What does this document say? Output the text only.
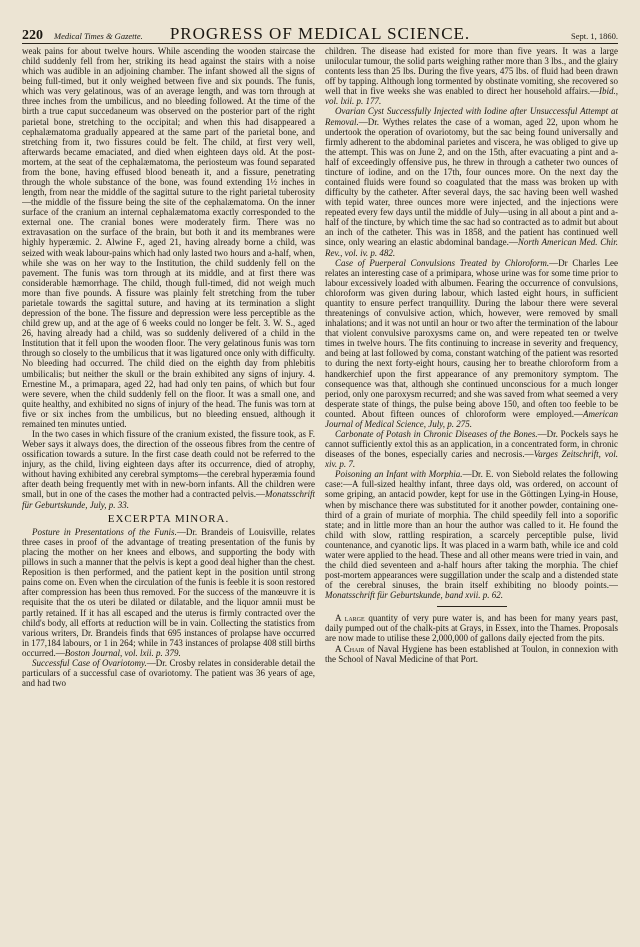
220 Medical Times & Gazette.	PROGRESS OF MEDICAL SCIENCE.	Sept. 1, 1860.

weak pains for about twelve hours. While ascending the wooden staircase the child suddenly fell from her, striking its head against the stairs with a noise which was audible in an adjoining chamber. The infant showed all the signs of being full-timed, but it only weighed between five and six pounds. The funis, which was very gelatinous, was of an average length, and was torn through at three inches from the umbilicus, and no bleeding followed. At the time of the birth a true caput succedaneum was observed on the posterior part of the right parietal bone, stretching to the occipital; and when this had disappeared a cephalæmatoma gradually appeared at the same part of the parietal bone, and stretching from it, two fissures could be felt. The child, at first very well, afterwards became emaciated, and died when eighteen days old. At the post-mortem, at the seat of the cephalæmatoma, the periosteum was found separated from the bone, having effused blood beneath it, and a fissure, penetrating through the whole substance of the bone, was found extending 1½ inches in length, from near the middle of the sagittal suture to the right parietal tuberosity—the middle of the fissure being the site of the cephalæmatoma. On the inner surface of the cranium an internal cephalæmatoma exactly corresponded to the external one. The cranial bones were moderately firm. There was no extravasation on the surface of the brain, but both it and its membranes were highly hyperæmic. 2. Alwine F., aged 21, having already borne a child, was seized with weak labour-pains which had only lasted two hours and a-half, when, while she was on her way to the Institution, the child suddenly fell on the pavement. The funis was torn through at its middle, and at first there was considerable hæmorrhage. The child, though full-timed, did not weigh much more than five pounds. A fissure was plainly felt stretching from the tuber parietale towards the sagittal suture, and having at its termination a slight depression of the bone. The fissure and depression were less perceptible as the child grew up, and at the age of 6 weeks could no longer be felt. 3. W. S., aged 26, having already had a child, was so suddenly delivered of a child in the Institution that it fell upon the wooden floor. The very gelatinous funis was torn through so closely to the umbilicus that it was ligatured once only with difficulty. No bleeding had occurred. The child died on the eighth day from phlebitis umbilicalis; but neither the skull or the brain exhibited any signs of injury. 4. Ernestine M., a primapara, aged 22, had had only ten pains, of which but four were severe, when the child suddenly fell on the floor. It was a small one, and quite healthy, and exhibited no signs of injury of the head. The funis was torn at five or six inches from the umbilicus, but no bleeding ensued, although it remained ten minutes untied.

In the two cases in which fissure of the cranium existed, the fissure took, as F. Weber says it always does, the direction of the osseous fibres from the centre of ossification towards a suture. In the first case death could not be referred to the injury, as the child, living eighteen days after its occurrence, died of atrophy, without having exhibited any cerebral symptoms—the cerebral hyperæmia found after death being frequently met with in new-born infants. All the children were small, but in one of the cases the mother had a contracted pelvis.—Monatsschrift für Geburtskunde, July, p. 33.

EXCERPTA MINORA.

Posture in Presentations of the Funis.—Dr. Brandeis of Louisville, relates three cases in proof of the advantage of treating presentation of the funis by placing the mother on her knees and elbows, and supporting the body with pillows in such a manner that the pelvis is kept a good deal higher than the chest. Reposition is then performed, and the patient kept in the position until strong pains come on. Even when the circulation of the funis is feeble it is soon restored after compression has been thus removed. For the success of the manœuvre it is requisite that the os uteri be dilated or dilatable, and the liquor amnii must be partly retained. If it has all escaped and the uterus is firmly contracted over the child's body, all efforts at reduction will be in vain. Collecting the statistics from various writers, Dr. Brandeis finds that 695 instances of prolapse have occurred in 177,184 labours, or 1 in 264; while in 743 instances of prolapse 408 still births occurred.—Boston Journal, vol. lxii. p. 379.

Successful Case of Ovariotomy.—Dr. Crosby relates in considerable detail the particulars of a successful case of ovariotomy. The patient was 36 years of age, and had two

children. The disease had existed for more than five years. It was a large unilocular tumour, the solid parts weighing rather more than 3 lbs., and the glairy contents less than 25 lbs. During the five years, 475 lbs. of fluid had been drawn off by tapping. Although long tormented by obstinate vomiting, she recovered so well that in five weeks she was enabled to direct her household affairs.—Ibid., vol. lxii. p. 177.

Ovarian Cyst Successfully Injected with Iodine after Unsuccessful Attempt at Removal.—Dr. Wythes relates the case of a woman, aged 22, upon whom he undertook the operation of ovariotomy, but the sac being found universally and firmly adherent to the abdominal parietes and viscera, he was obliged to give up the attempt. This was on June 2, and on the 15th, after evacuating a pint and a-half of exceedingly offensive pus, he threw in through a catheter two ounces of tincture of iodine, and on the 17th, four ounces more. On the next day the contained fluids were found so coagulated that the mass was broken up with difficulty by the catheter. After several days, the sac having been well washed with tepid water, three ounces more were injected, and the injections were repeated every few days until the middle of July—using in all about a pint and a-half of the tincture, by which time the sac had so contracted as to admit but about an inch of the catheter. This was in 1858, and the patient has continued well since, only wearing an elastic abdominal bandage.—North American Med. Chir. Rev., vol. iv. p. 482.

Case of Puerperal Convulsions Treated by Chloroform.—Dr Charles Lee relates an interesting case of a primipara, whose urine was for some time prior to labour excessively loaded with albumen. Fearing the occurrence of convulsions, chloroform was given during labour, which lasted eight hours, in sufficient quantity to ensure perfect tranquillity. During the labour there were several threatenings of convulsive action, which, however, were removed by small inhalations; and it was not until an hour or two after the termination of the labour that violent convulsive paroxysms came on, and were repeated ten or twelve times in twelve hours. The fits continuing to increase in severity and frequency, and being at last followed by coma, constant watching of the patient was resorted to during the next forty-eight hours, causing her to breathe chloroform from a handkerchief upon the first appearance of any premonitory symptom. The consequence was that, although she continued unconscious for a much longer period, only one paroxysm recurred; and she was saved from what seemed a very desperate state of things, the pulse being above 150, and often too feeble to be counted. About fifteen ounces of chloroform were employed.—American Journal of Medical Science, July, p. 275.

Carbonate of Potash in Chronic Diseases of the Bones.—Dr. Pockels says he cannot sufficiently extol this as an application, in a concentrated form, in chronic diseases of the bones, especially caries and necrosis.—Varges Zeitschrift, vol. xiv. p. 7.

Poisoning an Infant with Morphia.—Dr. E. von Siebold relates the following case:—A full-sized healthy infant, three days old, was ordered, on account of some griping, an antacid powder, kept for use in the Göttingen Lying-in House, when by mischance there was substituted for it another powder, containing one-third of a grain of muriate of morphia. The child speedily fell into a soporific state; and in little more than an hour the author was called to it. He found the child with slow, rattling respiration, a scarcely perceptible pulse, livid countenance, and cyanotic lips. It was placed in a warm bath, while ice and cold water were applied to the head. These and all other means were tried in vain, and the child died seventeen and a-half hours after taking the morphia. The chief post-mortem appearances were suggillation under the scalp and a distended state of the cerebral sinuses, the brain itself exhibiting no bloody points.—Monatsschrift für Geburtskunde, band xvii. p. 62.

A large quantity of very pure water is, and has been for many years past, daily pumped out of the chalk-pits at Grays, in Essex, into the Thames. Proposals are now made to utilise these 2,000,000 of gallons daily ejected from the pits.

A Chair of Naval Hygiene has been established at Toulon, in connexion with the School of Naval Medicine of that Port.
